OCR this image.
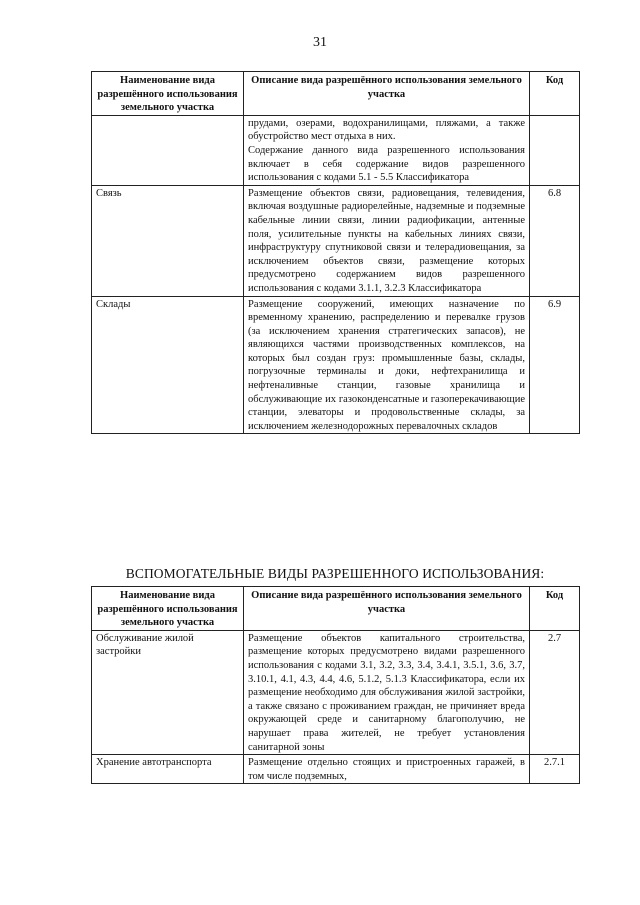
31
Наименование вида разрешённого использования земельного участка	Описание вида разрешённого использования земельного участка	Код

	прудами, озерами, водохранилищами, пляжами, а также обустройство мест отдыха в них.
Содержание данного вида разрешенного использования включает в себя содержание видов разрешенного использования с кодами 5.1 - 5.5 Классификатора	

Связь	Размещение объектов связи, радиовещания, телевидения, включая воздушные радиорелейные, надземные и подземные кабельные линии связи, линии радиофикации, антенные поля, усилительные пункты на кабельных линиях связи, инфраструктуру спутниковой связи и телерадиовещания, за исключением объектов связи, размещение которых предусмотрено содержанием видов разрешенного использования с кодами 3.1.1, 3.2.3 Классификатора	6.8
Склады	Размещение сооружений, имеющих назначение по временному хранению, распределению и перевалке грузов (за исключением хранения стратегических запасов), не являющихся частями производственных комплексов, на которых был создан груз: промышленные базы, склады, погрузочные терминалы и доки, нефтехранилища и нефтеналивные станции, газовые хранилища и обслуживающие их газоконденсатные и газоперекачивающие станции, элеваторы и продовольственные склады, за исключением железнодорожных перевалочных складов	6.9
ВСПОМОГАТЕЛЬНЫЕ ВИДЫ РАЗРЕШЕННОГО ИСПОЛЬЗОВАНИЯ:
Наименование вида разрешённого использования земельного участка	Описание вида разрешённого использования земельного участка	Код
Обслуживание жилой застройки	Размещение объектов капитального строительства, размещение которых предусмотрено видами разрешенного использования с кодами 3.1, 3.2, 3.3, 3.4, 3.4.1, 3.5.1, 3.6, 3.7, 3.10.1, 4.1, 4.3, 4.4, 4.6, 5.1.2, 5.1.3 Классификатора, если их размещение необходимо для обслуживания жилой застройки, а также связано с проживанием граждан, не причиняет вреда окружающей среде и санитарному благополучию, не нарушает права жителей, не требует установления санитарной зоны	2.7
Хранение автотранспорта	Размещение отдельно стоящих и пристроенных гаражей, в том числе подземных,	2.7.1
